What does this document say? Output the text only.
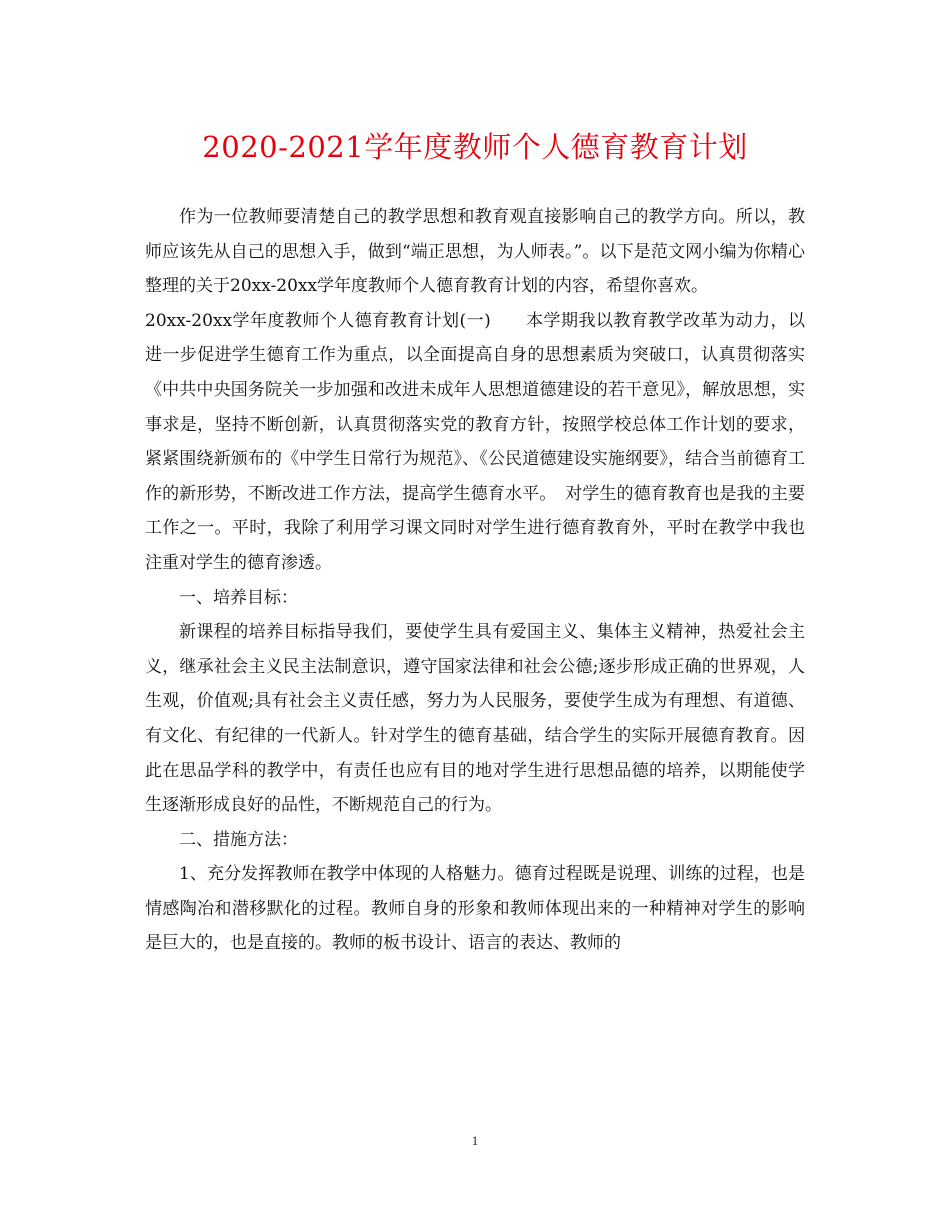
2020-2021学年度教师个人德育教育计划

作为一位教师要清楚自己的教学思想和教育观直接影响自己的教学方向。所以，教师应该先从自己的思想入手，做到“端正思想，为人师表。”。以下是范文网小编为你精心整理的关于20xx-20xx学年度教师个人德育教育计划的内容，希望你喜欢。

20xx-20xx学年度教师个人德育教育计划(一)　　本学期我以教育教学改革为动力，以进一步促进学生德育工作为重点，以全面提高自身的思想素质为突破口，认真贯彻落实《中共中央国务院关一步加强和改进未成年人思想道德建设的若干意见》，解放思想，实事求是，坚持不断创新，认真贯彻落实党的教育方针，按照学校总体工作计划的要求，紧紧围绕新颁布的《中学生日常行为规范》、《公民道德建设实施纲要》，结合当前德育工作的新形势，不断改进工作方法，提高学生德育水平。　对学生的德育教育也是我的主要工作之一。平时，我除了利用学习课文同时对学生进行德育教育外，平时在教学中我也注重对学生的德育渗透。

一、培养目标：

新课程的培养目标指导我们，要使学生具有爱国主义、集体主义精神，热爱社会主义，继承社会主义民主法制意识，遵守国家法律和社会公德;逐步形成正确的世界观，人生观，价值观;具有社会主义责任感，努力为人民服务，要使学生成为有理想、有道德、有文化、有纪律的一代新人。针对学生的德育基础，结合学生的实际开展德育教育。因此在思品学科的教学中，有责任也应有目的地对学生进行思想品德的培养，以期能使学生逐渐形成良好的品性，不断规范自己的行为。

二、措施方法：

1、充分发挥教师在教学中体现的人格魅力。德育过程既是说理、训练的过程，也是情感陶冶和潜移默化的过程。教师自身的形象和教师体现出来的一种精神对学生的影响是巨大的，也是直接的。教师的板书设计、语言的表达、教师的

1
